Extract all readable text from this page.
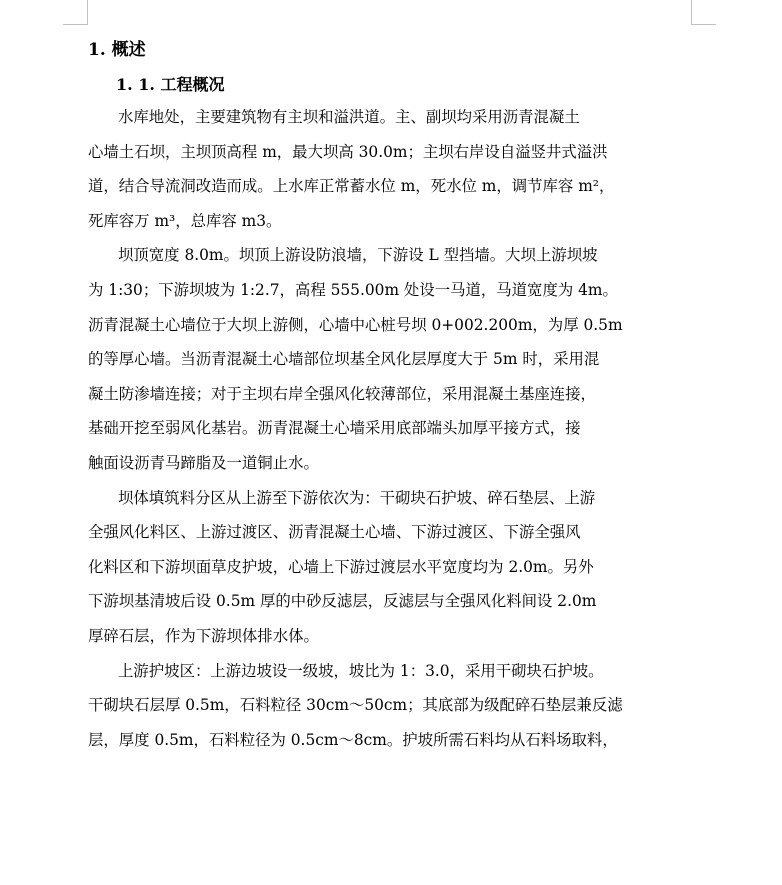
1. 概述
1. 1. 工程概况
水库地处，主要建筑物有主坝和溢洪道。主、副坝均采用沥青混凝土
心墙土石坝，主坝顶高程 m，最大坝高 30.0m；主坝右岸设自溢竖井式溢洪
道，结合导流洞改造而成。上水库正常蓄水位 m，死水位 m，调节库容 m²，
死库容万 m³，总库容 m3。
坝顶宽度 8.0m。坝顶上游设防浪墙，下游设 L 型挡墙。大坝上游坝坡
为 1:30；下游坝坡为 1:2.7，高程 555.00m 处设一马道，马道宽度为 4m。
沥青混凝土心墙位于大坝上游侧，心墙中心桩号坝 0+002.200m，为厚 0.5m
的等厚心墙。当沥青混凝土心墙部位坝基全风化层厚度大于 5m 时，采用混
凝土防渗墙连接；对于主坝右岸全强风化较薄部位，采用混凝土基座连接，
基础开挖至弱风化基岩。沥青混凝土心墙采用底部端头加厚平接方式，接
触面设沥青马蹄脂及一道铜止水。
坝体填筑料分区从上游至下游依次为：干砌块石护坡、碎石垫层、上游
全强风化料区、上游过渡区、沥青混凝土心墙、下游过渡区、下游全强风
化料区和下游坝面草皮护坡，心墙上下游过渡层水平宽度均为 2.0m。另外
下游坝基清坡后设 0.5m 厚的中砂反滤层，反滤层与全强风化料间设 2.0m
厚碎石层，作为下游坝体排水体。
上游护坡区：上游边坡设一级坡，坡比为 1：3.0，采用干砌块石护坡。
干砌块石层厚 0.5m，石料粒径 30cm～50cm；其底部为级配碎石垫层兼反滤
层，厚度 0.5m，石料粒径为 0.5cm～8cm。护坡所需石料均从石料场取料，
